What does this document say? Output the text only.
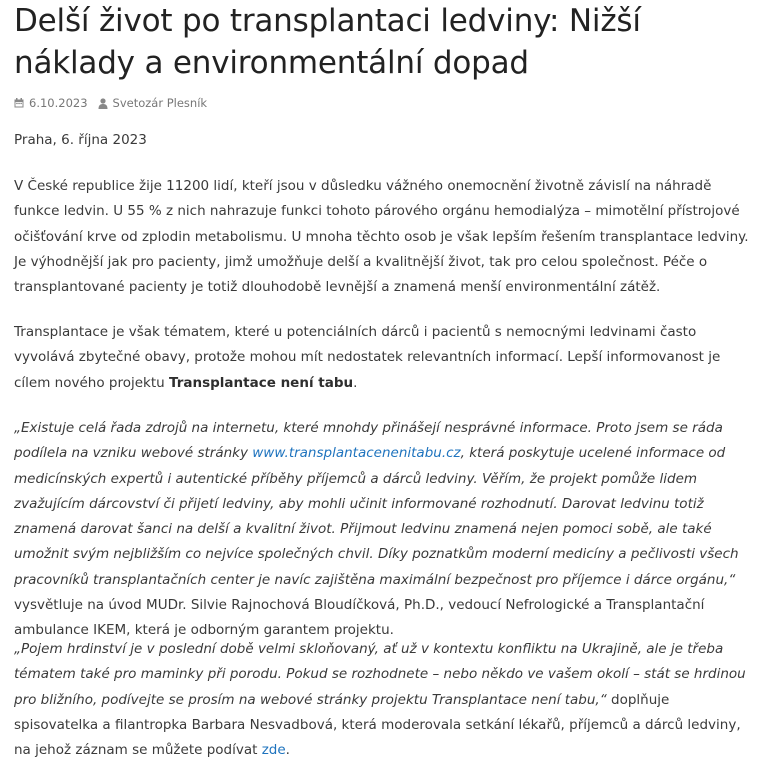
Delší život po transplantaci ledviny: Nižší náklady a environmentální dopad
6.10.2023 Svetozár Plesník

Praha, 6. října 2023

V České republice žije 11200 lidí, kteří jsou v důsledku vážného onemocnění životně závislí na náhradě funkce ledvin. U 55 % z nich nahrazuje funkci tohoto párového orgánu hemodialýza – mimotělní přístrojové očišťování krve od zplodin metabolismu. U mnoha těchto osob je však lepším řešením transplantace ledviny. Je výhodnější jak pro pacienty, jimž umožňuje delší a kvalitnější život, tak pro celou společnost. Péče o transplantované pacienty je totiž dlouhodobě levnější a znamená menší environmentální zátěž.

Transplantace je však tématem, které u potenciálních dárců i pacientů s nemocnými ledvinami často vyvolává zbytečné obavy, protože mohou mít nedostatek relevantních informací. Lepší informovanost je cílem nového projektu Transplantace není tabu.

„Existuje celá řada zdrojů na internetu, které mnohdy přinášejí nesprávné informace. Proto jsem se ráda podílela na vzniku webové stránky www.transplantacenenitabu.cz, která poskytuje ucelené informace od medicínských expertů i autentické příběhy příjemců a dárců ledviny. Věřím, že projekt pomůže lidem zvažujícím dárcovství či přijetí ledviny, aby mohli učinit informované rozhodnutí. Darovat ledvinu totiž znamená darovat šanci na delší a kvalitní život. Přijmout ledvinu znamená nejen pomoci sobě, ale také umožnit svým nejbližším co nejvíce společných chvil. Díky poznatkům moderní medicíny a pečlivosti všech pracovníků transplantačních center je navíc zajištěna maximální bezpečnost pro příjemce i dárce orgánu,“ vysvětluje na úvod MUDr. Silvie Rajnochová Bloudíčková, Ph.D., vedoucí Nefrologické a Transplantační ambulance IKEM, která je odborným garantem projektu.

„Pojem hrdinství je v poslední době velmi skloňovaný, ať už v kontextu konfliktu na Ukrajině, ale je třeba tématem také pro maminky při porodu. Pokud se rozhodnete – nebo někdo ve vašem okolí – stát se hrdinou pro bližního, podívejte se prosím na webové stránky projektu Transplantace není tabu,“ doplňuje spisovatelka a filantropka Barbara Nesvadbová, která moderovala setkání lékařů, příjemců a dárců ledviny, na jehož záznam se můžete podívat zde.
